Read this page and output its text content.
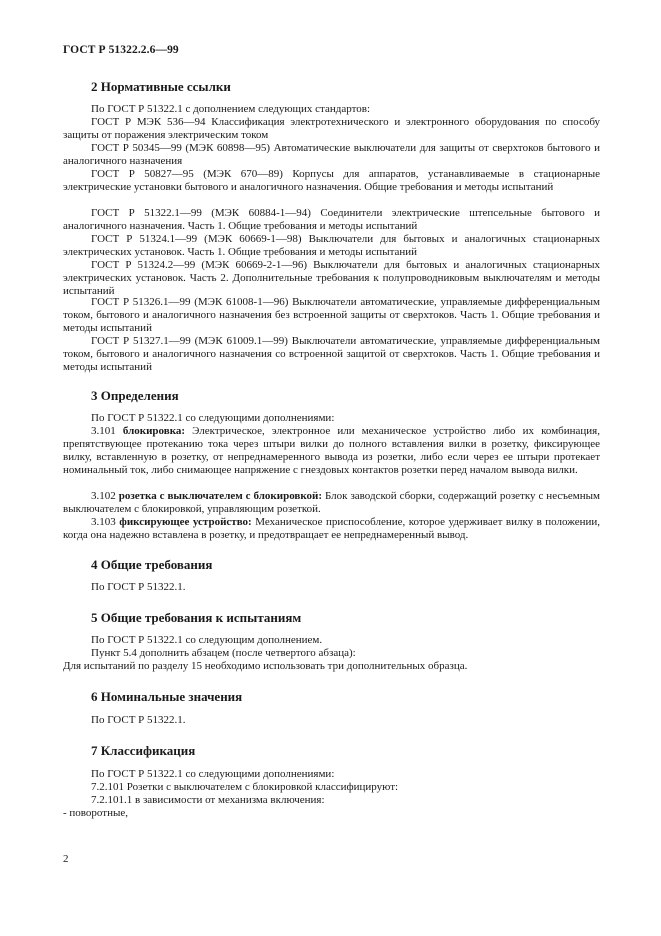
ГОСТ Р 51322.2.6—99
2 Нормативные ссылки

По ГОСТ Р 51322.1 с дополнением следующих стандартов:

ГОСТ Р МЭК 536—94 Классификация электротехнического и электронного оборудования по способу защиты от поражения электрическим током

ГОСТ Р 50345—99 (МЭК 60898—95) Автоматические выключатели для защиты от сверхтоков бытового и аналогичного назначения

ГОСТ Р 50827—95 (МЭК 670—89) Корпусы для аппаратов, устанавливаемые в стационарные электрические установки бытового и аналогичного назначения. Общие требования и методы испытаний

ГОСТ Р 51322.1—99 (МЭК 60884-1—94) Соединители электрические штепсельные бытового и аналогичного назначения. Часть 1. Общие требования и методы испытаний

ГОСТ Р 51324.1—99 (МЭК 60669-1—98) Выключатели для бытовых и аналогичных стационарных электрических установок. Часть 1. Общие требования и методы испытаний

ГОСТ Р 51324.2—99 (МЭК 60669-2-1—96) Выключатели для бытовых и аналогичных стационарных электрических установок. Часть 2. Дополнительные требования к полупроводниковым выключателям и методы испытаний

ГОСТ Р 51326.1—99 (МЭК 61008-1—96) Выключатели автоматические, управляемые дифференциальным током, бытового и аналогичного назначения без встроенной защиты от сверхтоков. Часть 1. Общие требования и методы испытаний

ГОСТ Р 51327.1—99 (МЭК 61009.1—99) Выключатели автоматические, управляемые дифференциальным током, бытового и аналогичного назначения со встроенной защитой от сверхтоков. Часть 1. Общие требования и методы испытаний

3 Определения

По ГОСТ Р 51322.1 со следующими дополнениями:

3.101 блокировка: Электрическое, электронное или механическое устройство либо их комбинация, препятствующее протеканию тока через штыри вилки до полного вставления вилки в розетку, фиксирующее вилку, вставленную в розетку, от непреднамеренного вывода из розетки, либо если через ее штыри протекает номинальный ток, либо снимающее напряжение с гнездовых контактов розетки перед началом вывода вилки.

3.102 розетка с выключателем с блокировкой: Блок заводской сборки, содержащий розетку с несъемным выключателем с блокировкой, управляющим розеткой.

3.103 фиксирующее устройство: Механическое приспособление, которое удерживает вилку в положении, когда она надежно вставлена в розетку, и предотвращает ее непреднамеренный вывод.

4 Общие требования

По ГОСТ Р 51322.1.

5 Общие требования к испытаниям

По ГОСТ Р 51322.1 со следующим дополнением.

Пункт 5.4 дополнить абзацем (после четвертого абзаца):

Для испытаний по разделу 15 необходимо использовать три дополнительных образца.

6 Номинальные значения

По ГОСТ Р 51322.1.

7 Классификация

По ГОСТ Р 51322.1 со следующими дополнениями:

7.2.101 Розетки с выключателем с блокировкой классифицируют:

7.2.101.1 в зависимости от механизма включения:

- поворотные,

2
